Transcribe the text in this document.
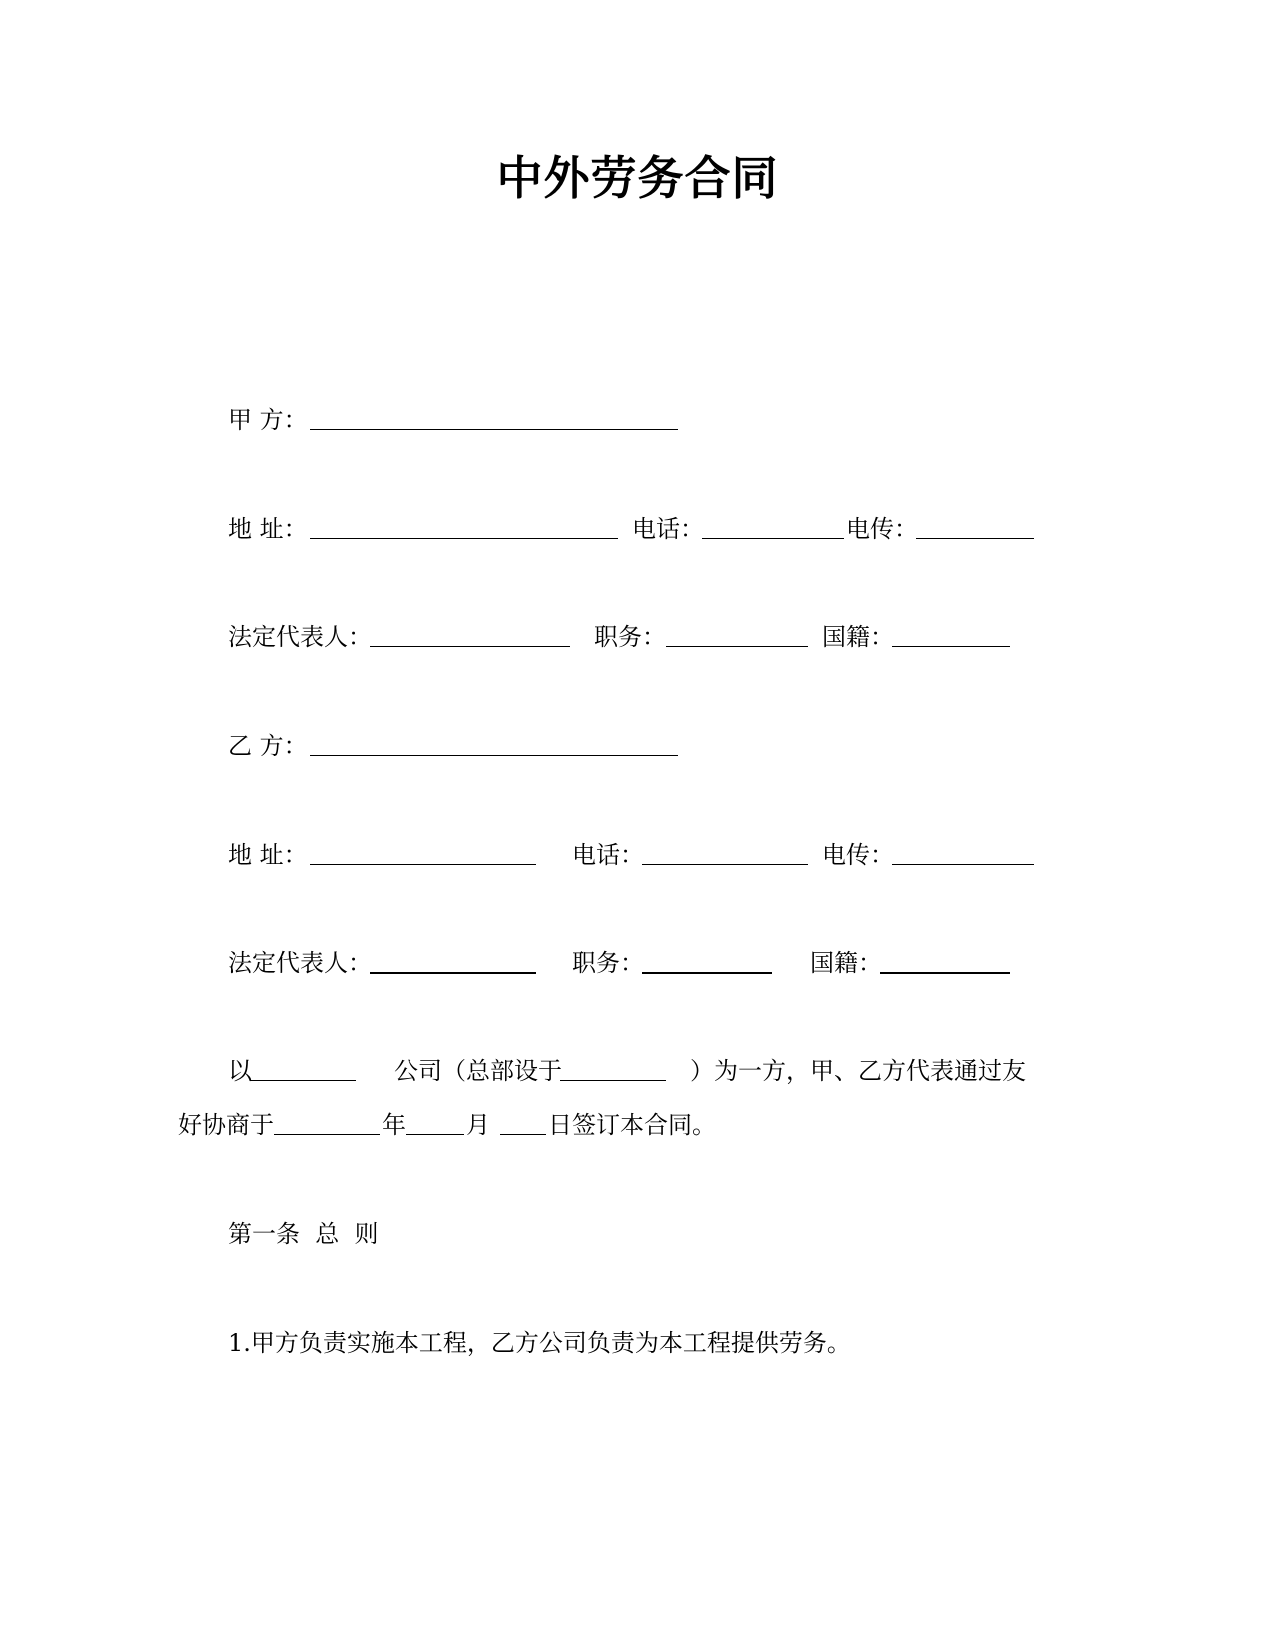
中外劳务合同
甲 方：
地 址：	电话：	电传：
法定代表人：	职务：	国籍：
乙 方：
地 址：	电话：	电传：
法定代表人：	职务：	国籍：
以	公司（总部设于	）为一方，甲、乙方代表通过友
好协商于	年	月 日签订本合同。
第一条  总  则
1.甲方负责实施本工程，乙方公司负责为本工程提供劳务。
